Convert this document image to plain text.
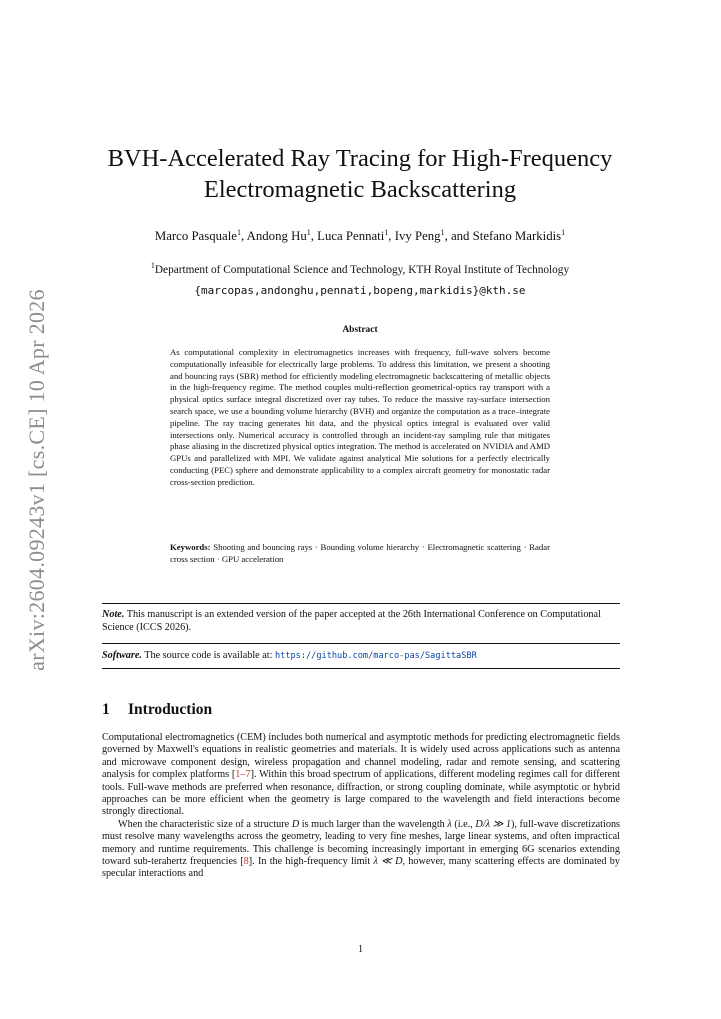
arXiv:2604.09243v1 [cs.CE] 10 Apr 2026
BVH-Accelerated Ray Tracing for High-Frequency
Electromagnetic Backscattering
Marco Pasquale$^1$, Andong Hu$^1$, Luca Pennati$^1$, Ivy Peng$^1$, and Stefano Markidis$^1$
$^1$Department of Computational Science and Technology, KTH Royal Institute of Technology
{marcopas,andonghu,pennati,bopeng,markidis}@kth.se
Abstract
As computational complexity in electromagnetics increases with frequency, full-wave solvers become computationally infeasible for electrically large problems. To address this limitation, we present a shooting and bouncing rays (SBR) method for efficiently modeling electromagnetic backscattering of metallic objects in the high-frequency regime. The method couples multi-reflection geometrical-optics ray transport with a physical optics surface integral discretized over ray tubes. To reduce the massive ray-surface intersection search space, we use a bounding volume hierarchy (BVH) and organize the computation as a trace–integrate pipeline. The ray tracing generates hit data, and the physical optics integral is evaluated over valid intersections only. Numerical accuracy is controlled through an incident-ray sampling rule that mitigates phase aliasing in the discretized physical optics integration. The method is accelerated on NVIDIA and AMD GPUs and parallelized with MPI. We validate against analytical Mie solutions for a perfectly electrically conducting (PEC) sphere and demonstrate applicability to a complex aircraft geometry for monostatic radar cross-section prediction.
Keywords: Shooting and bouncing rays · Bounding volume hierarchy · Electromagnetic scattering · Radar cross section · GPU acceleration
Note. This manuscript is an extended version of the paper accepted at the 26th International Conference on Computational Science (ICCS 2026).
Software. The source code is available at: https://github.com/marco-pas/SagittaSBR
1 Introduction

Computational electromagnetics (CEM) includes both numerical and asymptotic methods for predicting electromagnetic fields governed by Maxwell's equations in realistic geometries and materials. It is widely used across applications such as antenna and microwave component design, wireless propagation and channel modeling, radar and remote sensing, and scattering analysis for complex platforms [1–7]. Within this broad spectrum of applications, different modeling regimes call for different tools. Full-wave methods are preferred when resonance, diffraction, or strong coupling dominate, while asymptotic or hybrid approaches can be more efficient when the geometry is large compared to the wavelength and field interactions become strongly directional.

When the characteristic size of a structure D is much larger than the wavelength λ (i.e., D/λ ≫ 1), full-wave discretizations must resolve many wavelengths across the geometry, leading to very fine meshes, large linear systems, and often impractical memory and runtime requirements. This challenge is becoming increasingly important in emerging 6G scenarios extending toward sub-terahertz frequencies [8]. In the high-frequency limit λ ≪ D, however, many scattering effects are dominated by specular interactions and

1
